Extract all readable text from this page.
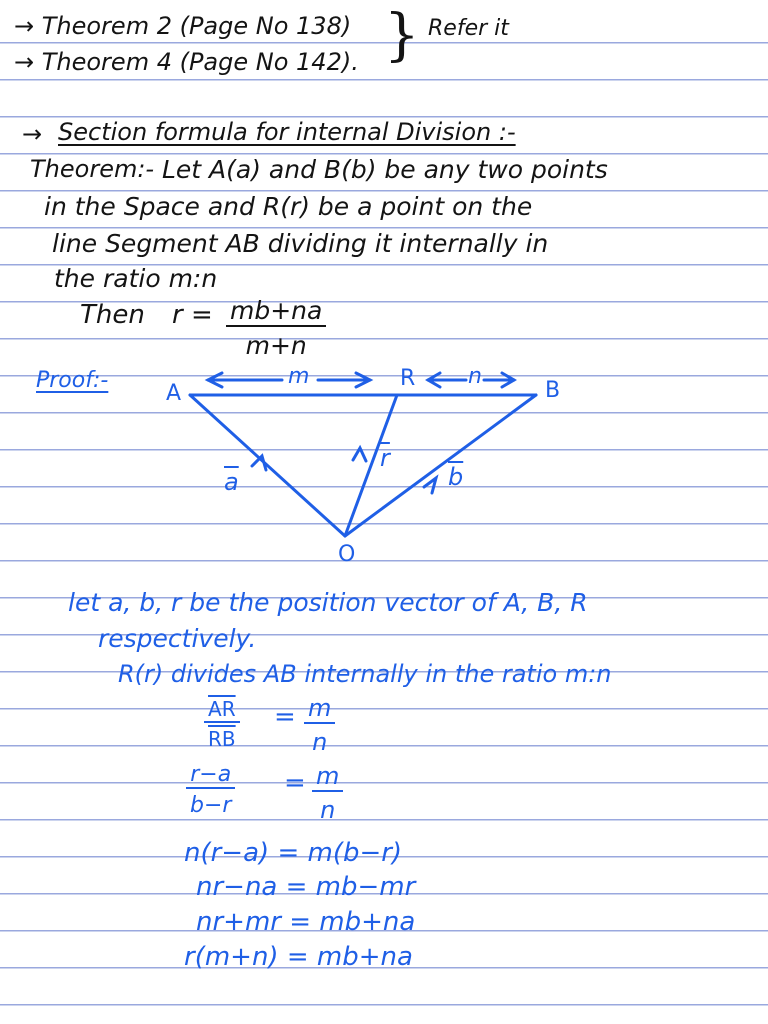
→ Theorem 2 (Page No 138)
→ Theorem 4 (Page No 142). } Refer it
→ Section formula for internal Division :-
Theorem:- Let A(a) and B(b) be any two points
in the Space and R(r) be a point on the
line Segment AB dividing it internally in
the ratio m:n
Then $r = \frac{mb+na}{m+n}$
Proof:-
A	B
R
O
m	n
$\overline{a}$
$\overline{r}$
$\overline{b}$
let a, b, r be the position vector of A, B, R
respectively.
R(r) divides AB internally in the ratio m:n
$\frac{\overline{AR}}{RB} = \frac{m}{n}$
$\frac{r-a}{b-r} = \frac{m}{n}$
n(r−a) = m(b−r)
nr−na = mb−mr
nr+mr = mb+na
r(m+n) = mb+na
